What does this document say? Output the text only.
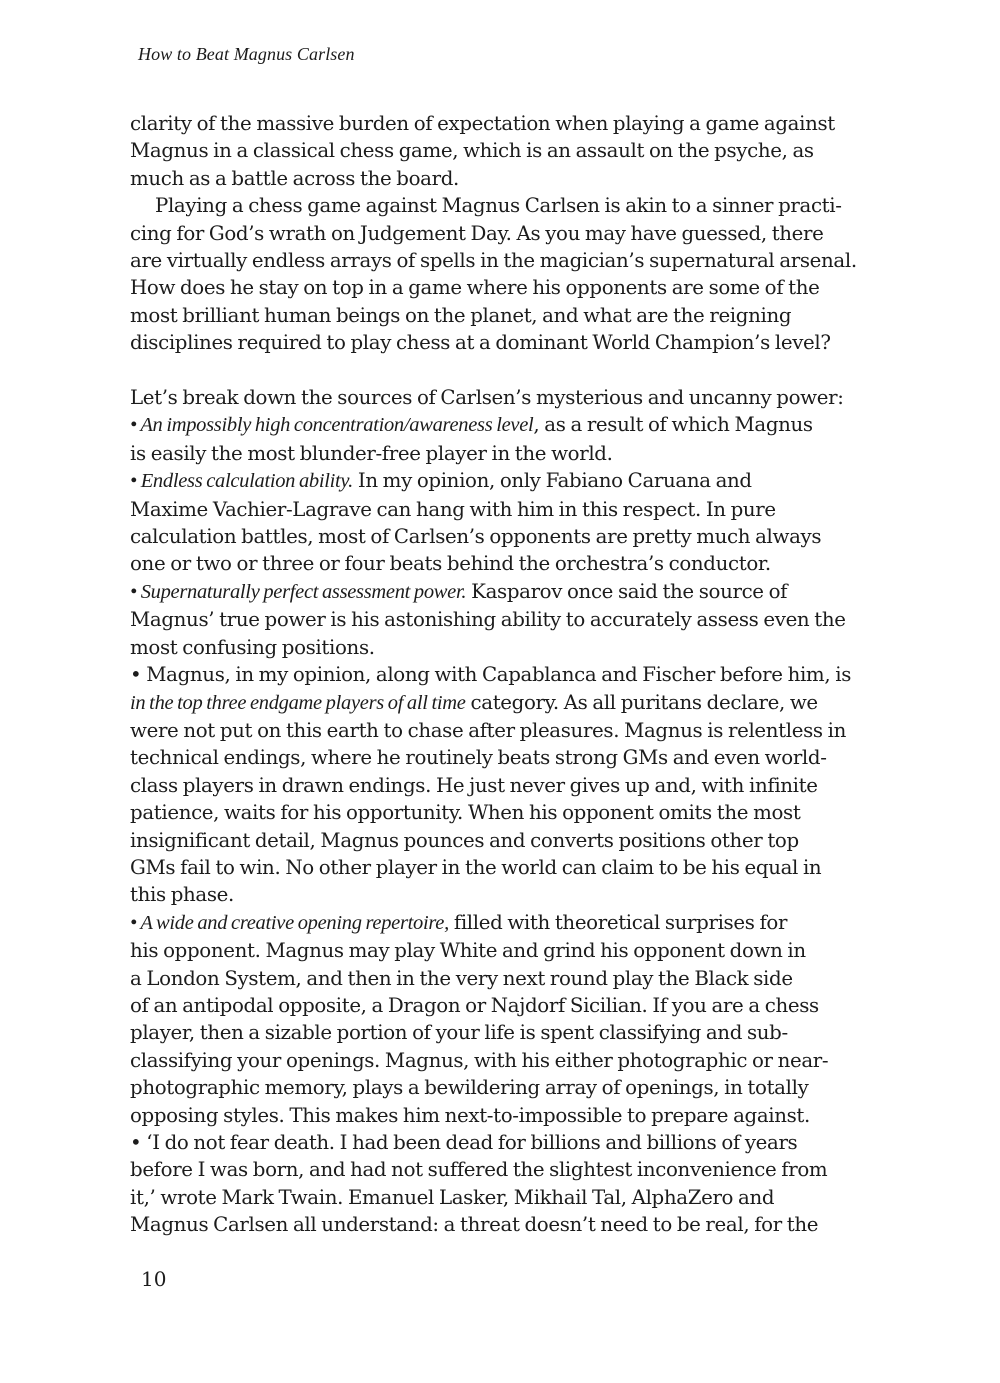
How to Beat Magnus Carlsen

clarity of the massive burden of expectation when playing a game against
Magnus in a classical chess game, which is an assault on the psyche, as
much as a battle across the board.

Playing a chess game against Magnus Carlsen is akin to a sinner practi-
cing for God’s wrath on Judgement Day. As you may have guessed, there
are virtually endless arrays of spells in the magician’s supernatural arsenal.
How does he stay on top in a game where his opponents are some of the
most brilliant human beings on the planet, and what are the reigning
disciplines required to play chess at a dominant World Champion’s level?

Let’s break down the sources of Carlsen’s mysterious and uncanny power:

• An impossibly high concentration/awareness level, as a result of which Magnus
is easily the most blunder-free player in the world.

• Endless calculation ability. In my opinion, only Fabiano Caruana and
Maxime Vachier-Lagrave can hang with him in this respect. In pure
calculation battles, most of Carlsen’s opponents are pretty much always
one or two or three or four beats behind the orchestra’s conductor.

• Supernaturally perfect assessment power. Kasparov once said the source of
Magnus’ true power is his astonishing ability to accurately assess even the
most confusing positions.

• Magnus, in my opinion, along with Capablanca and Fischer before him, is
in the top three endgame players of all time category. As all puritans declare, we
were not put on this earth to chase after pleasures. Magnus is relentless in
technical endings, where he routinely beats strong GMs and even world-
class players in drawn endings. He just never gives up and, with infinite
patience, waits for his opportunity. When his opponent omits the most
insignificant detail, Magnus pounces and converts positions other top
GMs fail to win. No other player in the world can claim to be his equal in
this phase.

• A wide and creative opening repertoire, filled with theoretical surprises for
his opponent. Magnus may play White and grind his opponent down in
a London System, and then in the very next round play the Black side
of an antipodal opposite, a Dragon or Najdorf Sicilian. If you are a chess
player, then a sizable portion of your life is spent classifying and sub-
classifying your openings. Magnus, with his either photographic or near-
photographic memory, plays a bewildering array of openings, in totally
opposing styles. This makes him next-to-impossible to prepare against.

• ‘I do not fear death. I had been dead for billions and billions of years
before I was born, and had not suffered the slightest inconvenience from
it,’ wrote Mark Twain. Emanuel Lasker, Mikhail Tal, AlphaZero and
Magnus Carlsen all understand: a threat doesn’t need to be real, for the

10
